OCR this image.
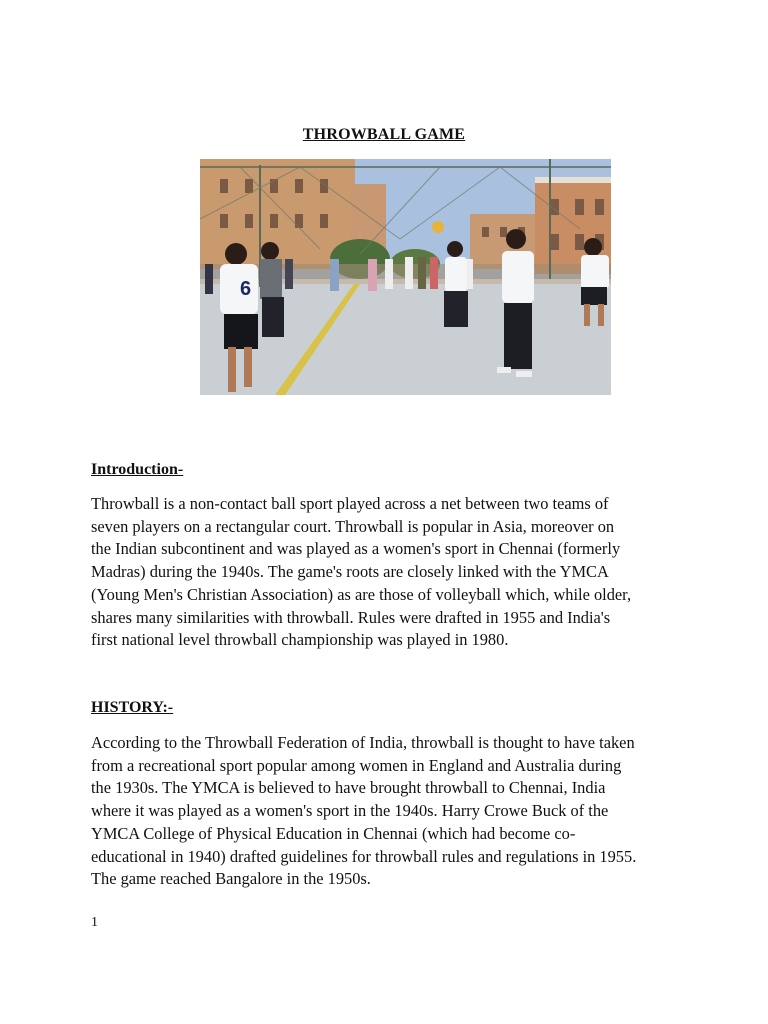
THROWBALL GAME
6
Introduction-
Throwball is a non-contact ball sport played across a net between two teams of
seven players on a rectangular court. Throwball is popular in Asia, moreover on
the Indian subcontinent and was played as a women's sport in Chennai (formerly
Madras) during the 1940s. The game's roots are closely linked with the YMCA
(Young Men's Christian Association) as are those of volleyball which, while older,
shares many similarities with throwball. Rules were drafted in 1955 and India's
first national level throwball championship was played in 1980.
HISTORY:-
According to the Throwball Federation of India, throwball is thought to have taken
from a recreational sport popular among women in England and Australia during
the 1930s. The YMCA is believed to have brought throwball to Chennai, India
where it was played as a women's sport in the 1940s. Harry Crowe Buck of the
YMCA College of Physical Education in Chennai (which had become co-
educational in 1940) drafted guidelines for throwball rules and regulations in 1955.
The game reached Bangalore in the 1950s.
1
